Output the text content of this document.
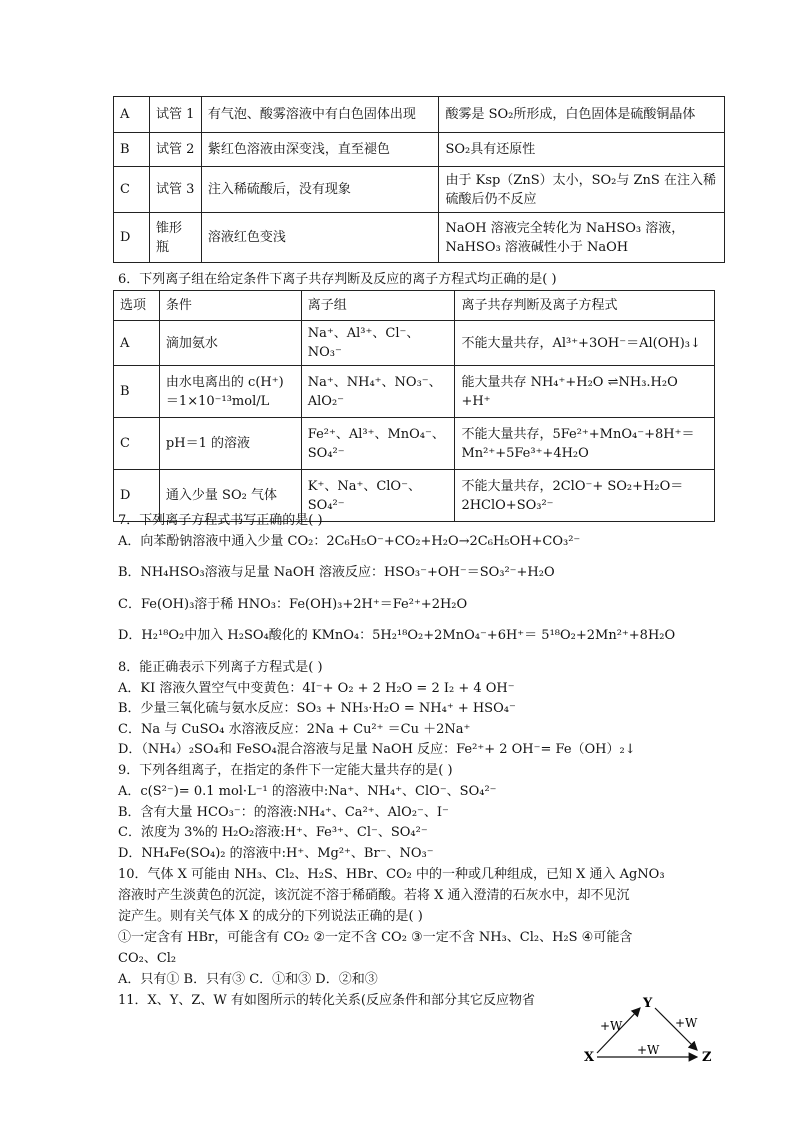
A	试管 1	有气泡、酸雾溶液中有白色固体出现	酸雾是 SO₂所形成，白色固体是硫酸铜晶体
B	试管 2	紫红色溶液由深变浅，直至褪色	SO₂具有还原性
C	试管 3	注入稀硫酸后，没有现象	由于 Ksp（ZnS）太小，SO₂与 ZnS 在注入稀硫酸后仍不反应
D	锥形瓶	溶液红色变浅	NaOH 溶液完全转化为 NaHSO₃ 溶液，NaHSO₃ 溶液碱性小于 NaOH
6．下列离子组在给定条件下离子共存判断及反应的离子方程式均正确的是( )
选项	条件	离子组	离子共存判断及离子方程式
A	滴加氨水	Na⁺、Al³⁺、Cl⁻、NO₃⁻	不能大量共存，Al³⁺+3OH⁻＝Al(OH)₃↓
B	由水电离出的 c(H⁺)＝1×10⁻¹³mol/L	Na⁺、NH₄⁺、NO₃⁻、AlO₂⁻	能大量共存 NH₄⁺+H₂O ⇌NH₃.H₂O +H⁺
C	pH＝1 的溶液	Fe²⁺、Al³⁺、MnO₄⁻、SO₄²⁻	不能大量共存，5Fe²⁺+MnO₄⁻+8H⁺＝Mn²⁺+5Fe³⁺+4H₂O
D	通入少量 SO₂ 气体	K⁺、Na⁺、ClO⁻、SO₄²⁻	不能大量共存，2ClO⁻+ SO₂+H₂O＝2HClO+SO₃²⁻
7．下列离子方程式书写正确的是( )
A．向苯酚钠溶液中通入少量 CO₂：2C₆H₅O⁻+CO₂+H₂O→2C₆H₅OH+CO₃²⁻
B．NH₄HSO₃溶液与足量 NaOH 溶液反应：HSO₃⁻+OH⁻＝SO₃²⁻+H₂O
C．Fe(OH)₃溶于稀 HNO₃：Fe(OH)₃+2H⁺＝Fe²⁺+2H₂O
D．H₂¹⁸O₂中加入 H₂SO₄酸化的 KMnO₄：5H₂¹⁸O₂+2MnO₄⁻+6H⁺＝ 5¹⁸O₂+2Mn²⁺+8H₂O
8．能正确表示下列离子方程式是( )
A．KI 溶液久置空气中变黄色：4I⁻+ O₂ + 2 H₂O = 2 I₂ + 4 OH⁻
B．少量三氧化硫与氨水反应：SO₃ + NH₃·H₂O = NH₄⁺ + HSO₄⁻
C．Na 与 CuSO₄ 水溶液反应：2Na + Cu²⁺ ＝Cu ＋2Na⁺
D．（NH₄）₂SO₄和 FeSO₄混合溶液与足量 NaOH 反应：Fe²⁺+ 2 OH⁻= Fe（OH）₂↓
9．下列各组离子，在指定的条件下一定能大量共存的是( )
A．c(S²⁻)= 0.1 mol·L⁻¹ 的溶液中:Na⁺、NH₄⁺、ClO⁻、SO₄²⁻
B．含有大量 HCO₃⁻：的溶液:NH₄⁺、Ca²⁺、AlO₂⁻、I⁻
C．浓度为 3%的 H₂O₂溶液:H⁺、Fe³⁺、Cl⁻、SO₄²⁻
D．NH₄Fe(SO₄)₂ 的溶液中:H⁺、Mg²⁺、Br⁻、NO₃⁻
10．气体 X 可能由 NH₃、Cl₂、H₂S、HBr、CO₂ 中的一种或几种组成，已知 X 通入 AgNO₃
溶液时产生淡黄色的沉淀，该沉淀不溶于稀硝酸。若将 X 通入澄清的石灰水中，却不见沉
淀产生。则有关气体 X 的成分的下列说法正确的是( )
①一定含有 HBr，可能含有 CO₂ ②一定不含 CO₂ ③一定不含 NH₃、Cl₂、H₂S ④可能含
CO₂、Cl₂
A．只有① B．只有③ C．①和③ D．②和③
11．X、Y、Z、W 有如图所示的转化关系(反应条件和部分其它反应物省	Y
X	Z
+W	+W
+W
